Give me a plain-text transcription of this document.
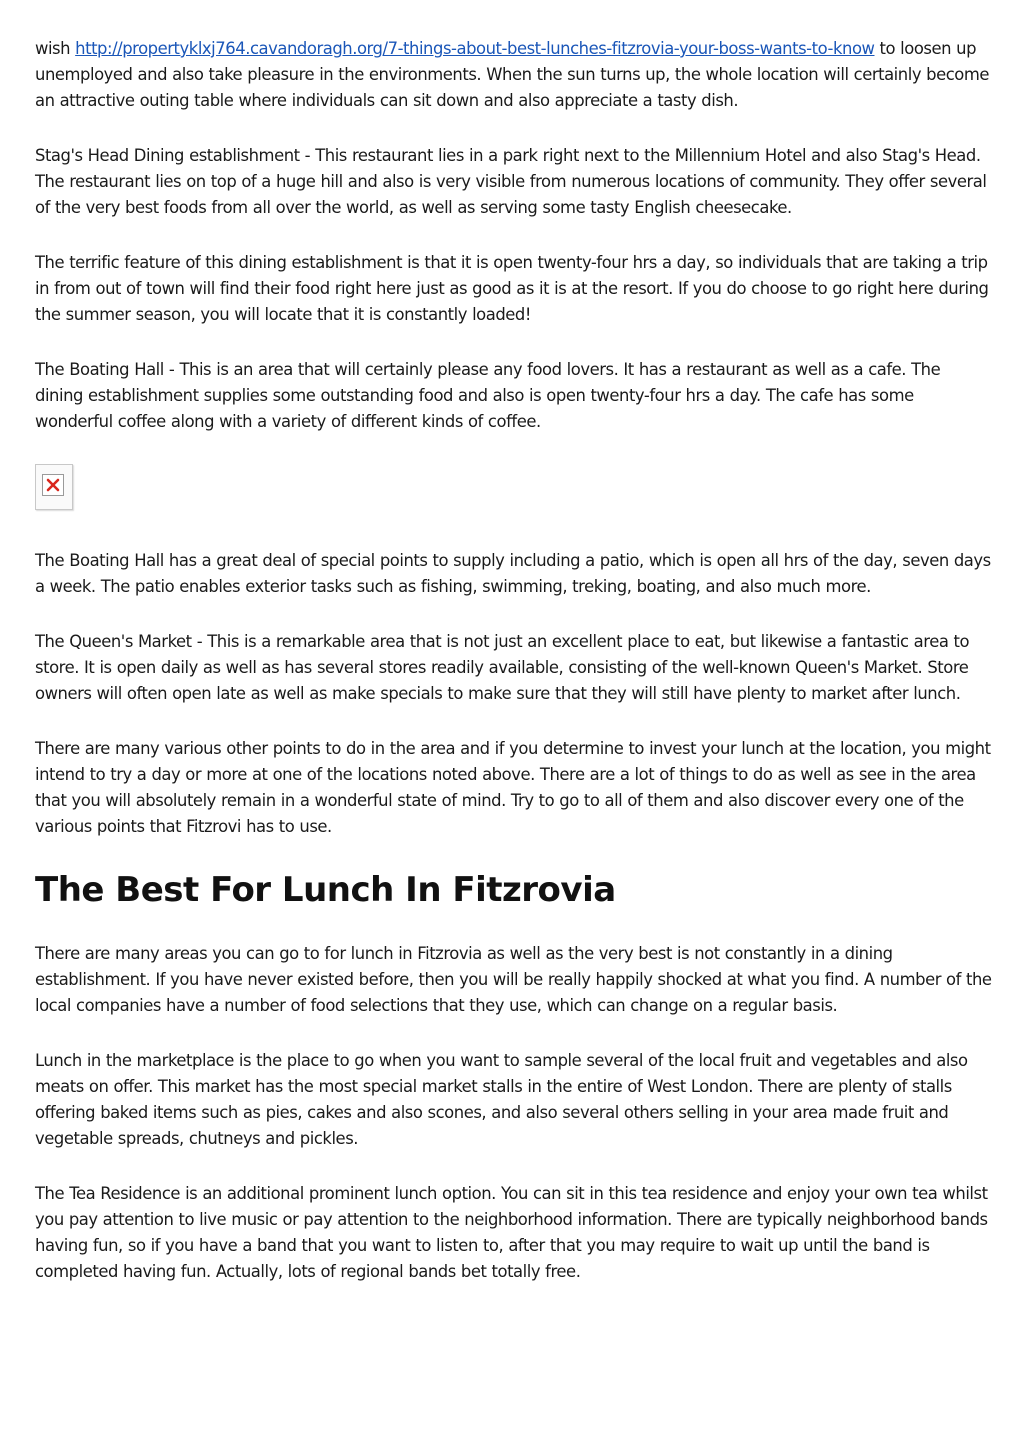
wish http://propertyklxj764.cavandoragh.org/7-things-about-best-lunches-fitzrovia-your-boss-wants-to-know to loosen up unemployed and also take pleasure in the environments. When the sun turns up, the whole location will certainly become an attractive outing table where individuals can sit down and also appreciate a tasty dish.

Stag's Head Dining establishment - This restaurant lies in a park right next to the Millennium Hotel and also Stag's Head. The restaurant lies on top of a huge hill and also is very visible from numerous locations of community. They offer several of the very best foods from all over the world, as well as serving some tasty English cheesecake.

The terrific feature of this dining establishment is that it is open twenty-four hrs a day, so individuals that are taking a trip in from out of town will find their food right here just as good as it is at the resort. If you do choose to go right here during the summer season, you will locate that it is constantly loaded!

The Boating Hall - This is an area that will certainly please any food lovers. It has a restaurant as well as a cafe. The dining establishment supplies some outstanding food and also is open twenty-four hrs a day. The cafe has some wonderful coffee along with a variety of different kinds of coffee.

The Boating Hall has a great deal of special points to supply including a patio, which is open all hrs of the day, seven days a week. The patio enables exterior tasks such as fishing, swimming, treking, boating, and also much more.

The Queen's Market - This is a remarkable area that is not just an excellent place to eat, but likewise a fantastic area to store. It is open daily as well as has several stores readily available, consisting of the well-known Queen's Market. Store owners will often open late as well as make specials to make sure that they will still have plenty to market after lunch.

There are many various other points to do in the area and if you determine to invest your lunch at the location, you might intend to try a day or more at one of the locations noted above. There are a lot of things to do as well as see in the area that you will absolutely remain in a wonderful state of mind. Try to go to all of them and also discover every one of the various points that Fitzrovi has to use.

The Best For Lunch In Fitzrovia

There are many areas you can go to for lunch in Fitzrovia as well as the very best is not constantly in a dining establishment. If you have never existed before, then you will be really happily shocked at what you find. A number of the local companies have a number of food selections that they use, which can change on a regular basis.

Lunch in the marketplace is the place to go when you want to sample several of the local fruit and vegetables and also meats on offer. This market has the most special market stalls in the entire of West London. There are plenty of stalls offering baked items such as pies, cakes and also scones, and also several others selling in your area made fruit and vegetable spreads, chutneys and pickles.

The Tea Residence is an additional prominent lunch option. You can sit in this tea residence and enjoy your own tea whilst you pay attention to live music or pay attention to the neighborhood information. There are typically neighborhood bands having fun, so if you have a band that you want to listen to, after that you may require to wait up until the band is completed having fun. Actually, lots of regional bands bet totally free.
